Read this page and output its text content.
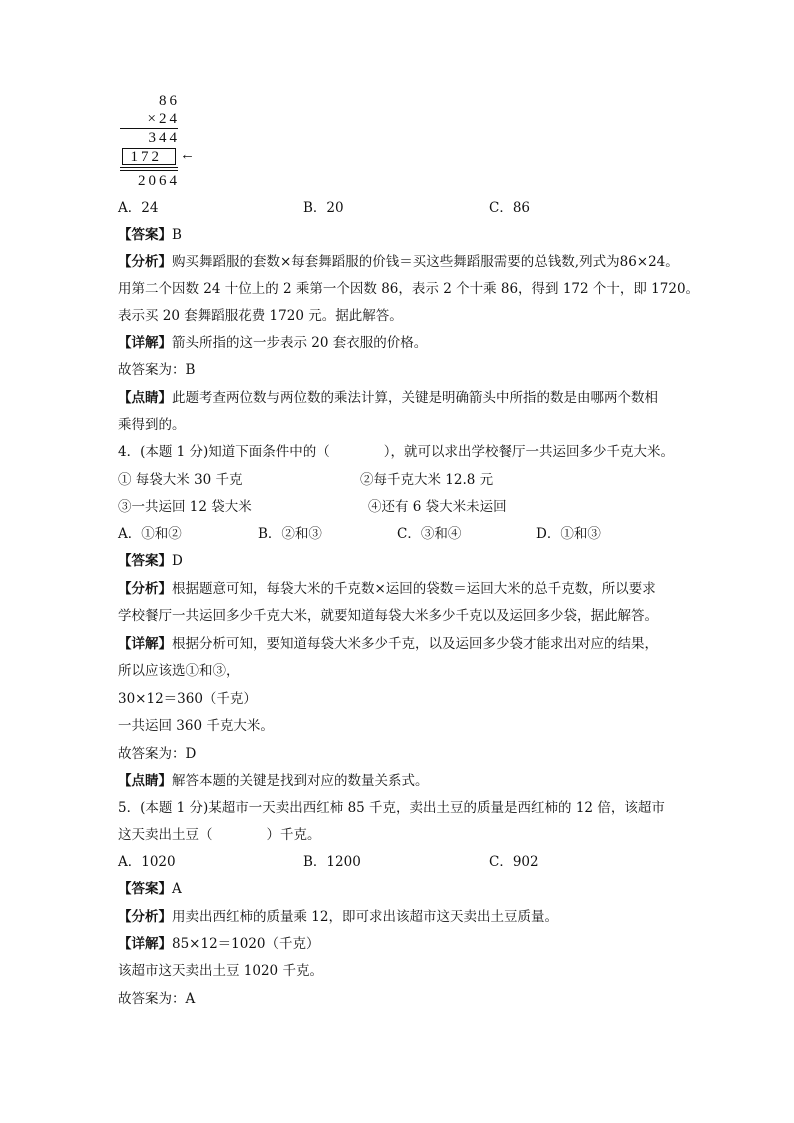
86
×24
344
172 ←
2064
A．24	B．20	C．86
【答案】B
【分析】购买舞蹈服的套数×每套舞蹈服的价钱＝买这些舞蹈服需要的总钱数,列式为86×24。
用第二个因数 24 十位上的 2 乘第一个因数 86，表示 2 个十乘 86，得到 172 个十，即 1720。
表示买 20 套舞蹈服花费 1720 元。据此解答。
【详解】箭头所指的这一步表示 20 套衣服的价格。
故答案为：B
【点睛】此题考查两位数与两位数的乘法计算，关键是明确箭头中所指的数是由哪两个数相
乘得到的。
4．(本题 1 分)知道下面条件中的（　　　　），就可以求出学校餐厅一共运回多少千克大米。
① 每袋大米 30 千克	②每千克大米 12.8 元
③一共运回 12 袋大米	④还有 6 袋大米未运回
A．①和②	B．②和③	C．③和④	D．①和③
【答案】D
【分析】根据题意可知，每袋大米的千克数×运回的袋数＝运回大米的总千克数，所以要求
学校餐厅一共运回多少千克大米，就要知道每袋大米多少千克以及运回多少袋，据此解答。
【详解】根据分析可知，要知道每袋大米多少千克，以及运回多少袋才能求出对应的结果，
所以应该选①和③，
30×12＝360（千克）
一共运回 360 千克大米。
故答案为：D
【点睛】解答本题的关键是找到对应的数量关系式。
5．(本题 1 分)某超市一天卖出西红柿 85 千克，卖出土豆的质量是西红柿的 12 倍，该超市
这天卖出土豆（　　　　）千克。
A．1020	B．1200	C．902
【答案】A
【分析】用卖出西红柿的质量乘 12，即可求出该超市这天卖出土豆质量。
【详解】85×12＝1020（千克）
该超市这天卖出土豆 1020 千克。
故答案为：A
